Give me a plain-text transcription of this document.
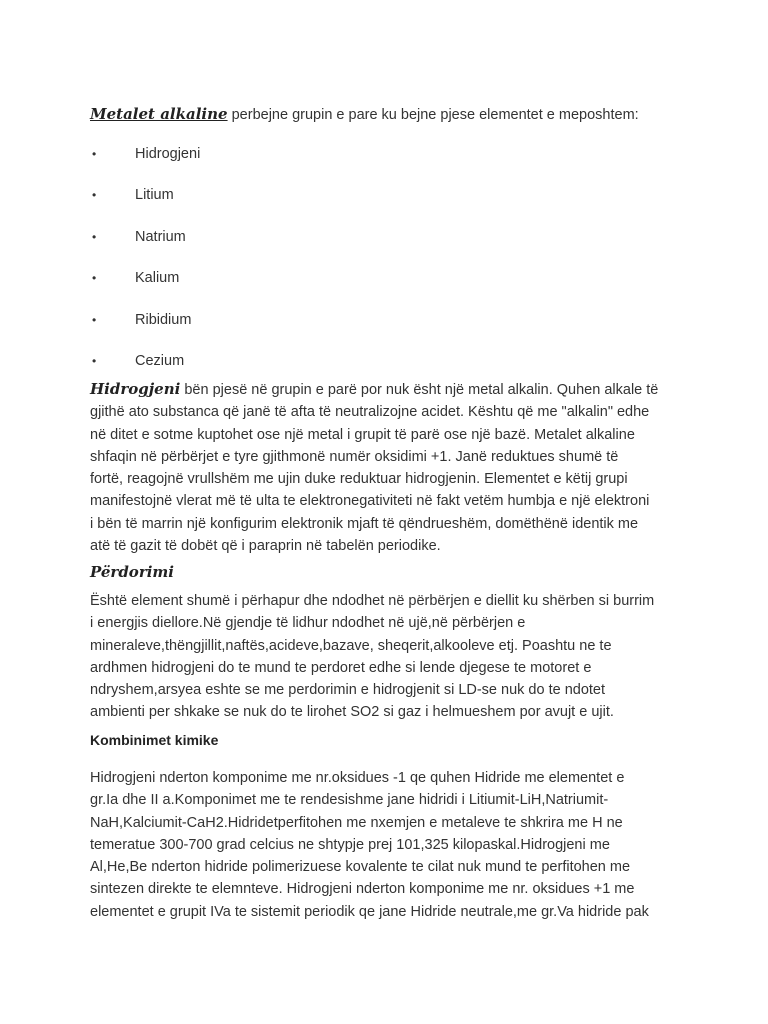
Metalet alkaline perbejne grupin e pare ku bejne pjese elementet e meposhtem:
•	Hidrogjeni
•	Litium
•	Natrium
•	Kalium
•	Ribidium
•	Cezium
Hidrogjeni bën pjesë në grupin e parë por nuk ësht një metal alkalin. Quhen alkale të
gjithë ato substanca që janë të afta të neutralizojne acidet. Kështu që me "alkalin" edhe
në ditet e sotme kuptohet ose një metal i grupit të parë ose një bazë. Metalet alkaline
shfaqin në përbërjet e tyre gjithmonë numër oksidimi +1. Janë reduktues shumë të
fortë, reagojnë vrullshëm me ujin duke reduktuar hidrogjenin. Elementet e këtij grupi
manifestojnë vlerat më të ulta te elektronegativiteti në fakt vetëm humbja e një elektroni
i bën të marrin një konfigurim elektronik mjaft të qëndrueshëm, domëthënë identik me
atë të gazit të dobët që i paraprin në tabelën periodike.
Përdorimi
Është element shumë i përhapur dhe ndodhet në përbërjen e diellit ku shërben si burrim
i energjis diellore.Në gjendje të lidhur ndodhet në ujë,në përbërjen e
mineraleve,thëngjillit,naftës,acideve,bazave, sheqerit,alkooleve etj. Poashtu ne te
ardhmen hidrogjeni do te mund te perdoret edhe si lende djegese te motoret e
ndryshem,arsyea eshte se me perdorimin e hidrogjenit si LD-se nuk do te ndotet
ambienti per shkake se nuk do te lirohet SO2 si gaz i helmueshem por avujt e ujit.
Kombinimet kimike
Hidrogjeni nderton komponime me nr.oksidues -1 qe quhen Hidride me elementet e
gr.Ia dhe II a.Komponimet me te rendesishme jane hidridi i Litiumit-LiH,Natriumit-
NaH,Kalciumit-CaH2.Hidridetperfitohen me nxemjen e metaleve te shkrira me H ne
temeratue 300-700 grad celcius ne shtypje prej 101,325 kilopaskal.Hidrogjeni me
Al,He,Be nderton hidride polimerizuese kovalente te cilat nuk mund te perfitohen me
sintezen direkte te elemnteve. Hidrogjeni nderton komponime me nr. oksidues +1 me
elementet e grupit IVa te sistemit periodik qe jane Hidride neutrale,me gr.Va hidride pak
